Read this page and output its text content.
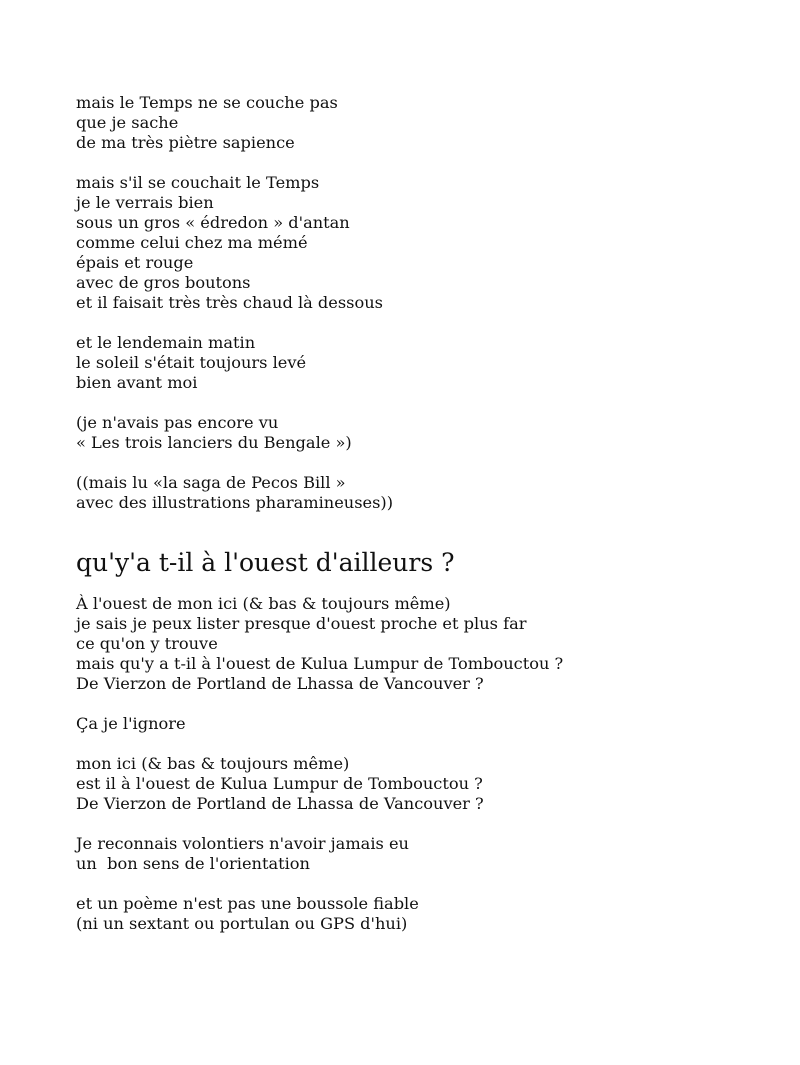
mais le Temps ne se couche pas
que je sache
de ma très piètre sapience
mais s'il se couchait le Temps
je le verrais bien
sous un gros « édredon » d'antan
comme celui chez ma mémé
épais et rouge
avec de gros boutons
et il faisait très très chaud là dessous
et le lendemain matin
le soleil s'était toujours levé
bien avant moi
(je n'avais pas encore vu
« Les trois lanciers du Bengale »)
((mais lu «la saga de Pecos Bill »
avec des illustrations pharamineuses))
qu'y'a t-il à l'ouest d'ailleurs ?
À l'ouest de mon ici (& bas & toujours même)
je sais je peux lister presque d'ouest proche et plus far
ce qu'on y trouve
mais qu'y a t-il à l'ouest de Kulua Lumpur de Tombouctou ?
De Vierzon de Portland de Lhassa de Vancouver ?
Ça je l'ignore
mon ici (& bas & toujours même)
est il à l'ouest de Kulua Lumpur de Tombouctou ?
De Vierzon de Portland de Lhassa de Vancouver ?
Je reconnais volontiers n'avoir jamais eu
un  bon sens de l'orientation
et un poème n'est pas une boussole fiable
(ni un sextant ou portulan ou GPS d'hui)
